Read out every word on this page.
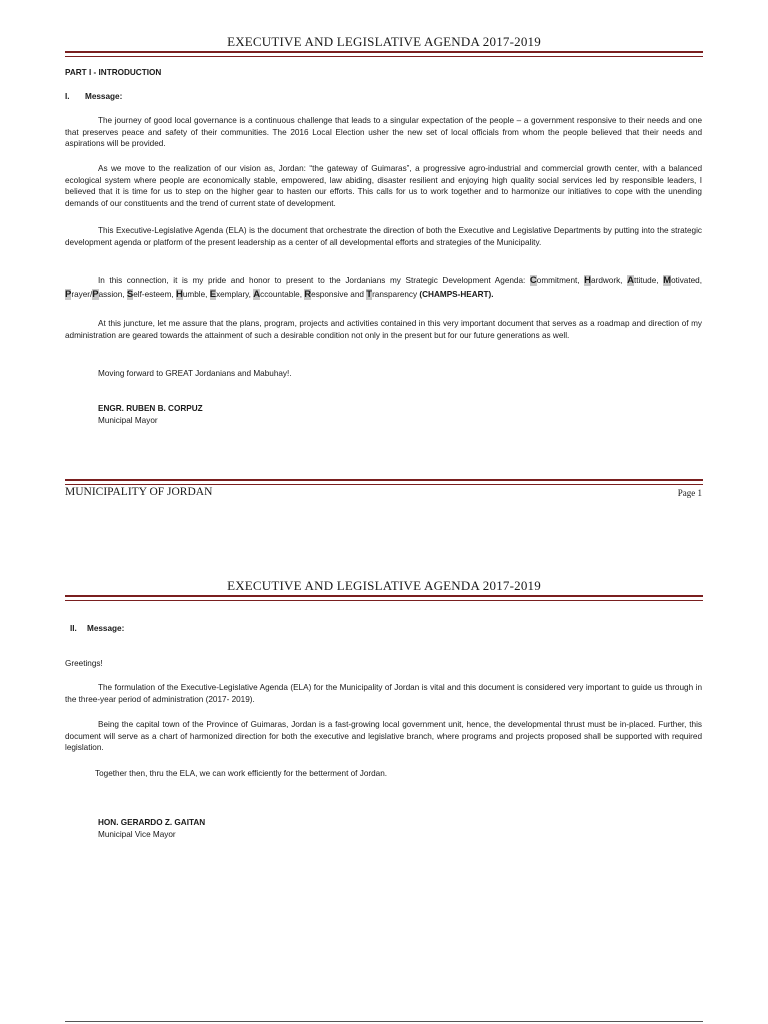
EXECUTIVE AND LEGISLATIVE AGENDA 2017-2019
PART I - INTRODUCTION
I. Message:

The journey of good local governance is a continuous challenge that leads to a singular expectation of the people – a government responsive to their needs and one that preserves peace and safety of their communities. The 2016 Local Election usher the new set of local officials from whom the people believed that their needs and aspirations will be provided.

As we move to the realization of our vision as, Jordan: “the gateway of Guimaras”, a progressive agro-industrial and commercial growth center, with a balanced ecological system where people are economically stable, empowered, law abiding, disaster resilient and enjoying high quality social services led by responsible leaders, I believed that it is time for us to step on the higher gear to hasten our efforts. This calls for us to work together and to harmonize our initiatives to cope with the unending demands of our constituents and the trend of current state of development.

This Executive-Legislative Agenda (ELA) is the document that orchestrate the direction of both the Executive and Legislative Departments by putting into the strategic development agenda or platform of the present leadership as a center of all developmental efforts and strategies of the Municipality.

In this connection, it is my pride and honor to present to the Jordanians my Strategic Development Agenda: Commitment, Hardwork, Attitude, Motivated, Prayer/Passion, Self-esteem, Humble, Exemplary, Accountable, Responsive and Transparency (CHAMPS-HEART).

At this juncture, let me assure that the plans, program, projects and activities contained in this very important document that serves as a roadmap and direction of my administration are geared towards the attainment of such a desirable condition not only in the present but for our future generations as well.

Moving forward to GREAT Jordanians and Mabuhay!.

ENGR. RUBEN B. CORPUZ
Municipal Mayor
MUNICIPALITY OF JORDAN	Page 1
EXECUTIVE AND LEGISLATIVE AGENDA 2017-2019
II. Message:
Greetings!

The formulation of the Executive-Legislative Agenda (ELA) for the Municipality of Jordan is vital and this document is considered very important to guide us through in the three-year period of administration (2017- 2019).

Being the capital town of the Province of Guimaras, Jordan is a fast-growing local government unit, hence, the developmental thrust must be in-placed. Further, this document will serve as a chart of harmonized direction for both the executive and legislative branch, where programs and projects proposed shall be supported with required legislation.

Together then, thru the ELA, we can work efficiently for the betterment of Jordan.

HON. GERARDO Z. GAITAN
Municipal Vice Mayor
